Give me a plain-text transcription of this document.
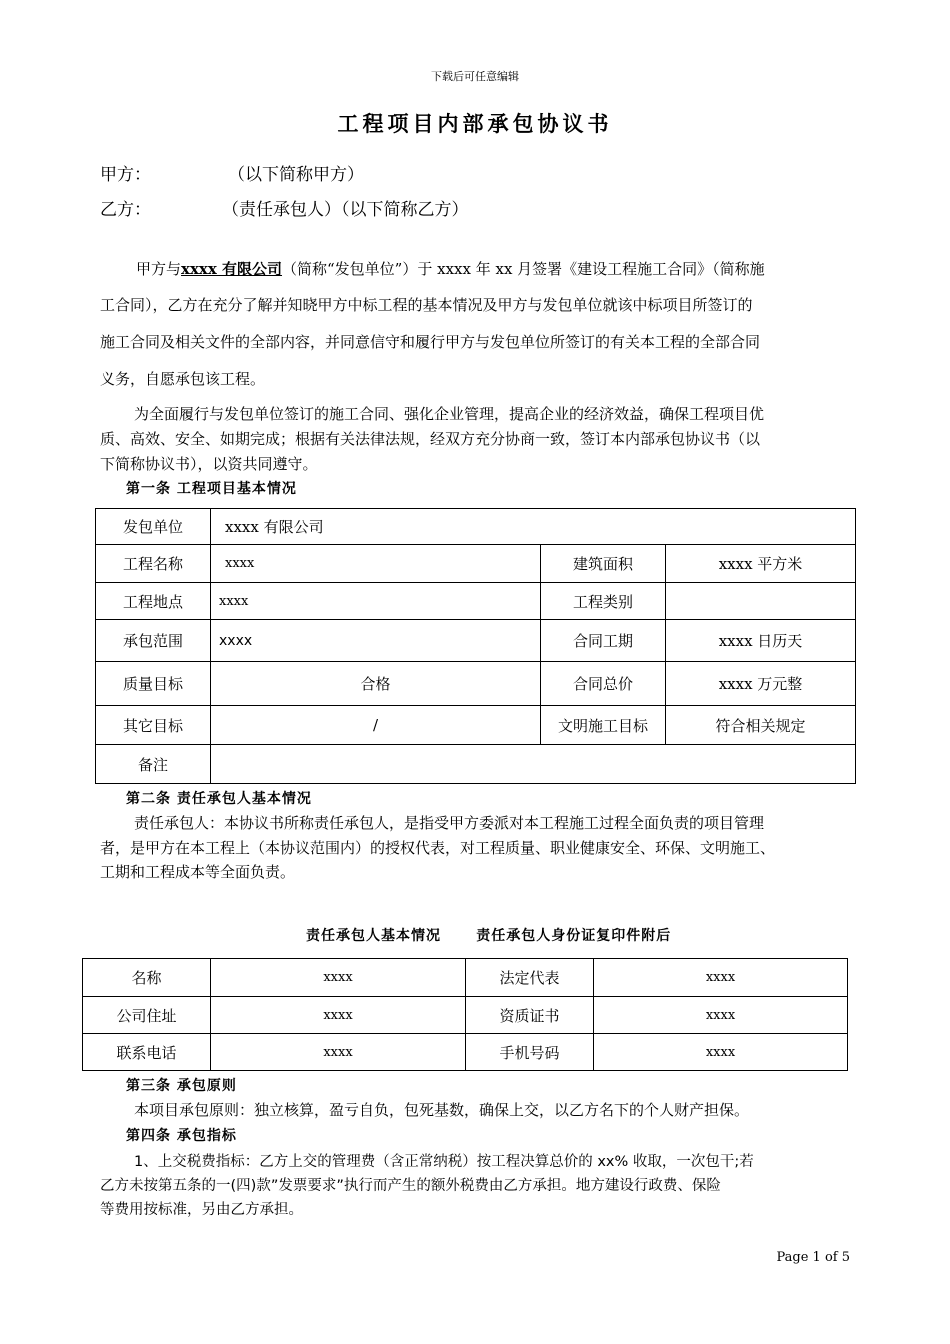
下载后可任意编辑
工程项目内部承包协议书
甲方：	（以下简称甲方）
乙方：	（责任承包人）（以下简称乙方）
甲方与xxxx 有限公司（简称“发包单位”）于 xxxx 年 xx 月签署《建设工程施工合同》（简称施
工合同），乙方在充分了解并知晓甲方中标工程的基本情况及甲方与发包单位就该中标项目所签订的
施工合同及相关文件的全部内容，并同意信守和履行甲方与发包单位所签订的有关本工程的全部合同
义务，自愿承包该工程。
为全面履行与发包单位签订的施工合同、强化企业管理，提高企业的经济效益，确保工程项目优
质、高效、安全、如期完成；根据有关法律法规，经双方充分协商一致，签订本内部承包协议书（以
下简称协议书），以资共同遵守。
第一条 工程项目基本情况
发包单位	xxxx 有限公司		
工程名称	xxxx	建筑面积	xxxx 平方米
工程地点	xxxx	工程类别	
承包范围	xxxx	合同工期	xxxx 日历天
质量目标	合格	合同总价	xxxx 万元整
其它目标	/	文明施工目标	符合相关规定
备注			
第二条 责任承包人基本情况
责任承包人：本协议书所称责任承包人，是指受甲方委派对本工程施工过程全面负责的项目管理
者，是甲方在本工程上（本协议范围内）的授权代表，对工程质量、职业健康安全、环保、文明施工、
工期和工程成本等全面负责。
责任承包人基本情况      责任承包人身份证复印件附后
名称	xxxx	法定代表	xxxx
公司住址	xxxx	资质证书	xxxx
联系电话	xxxx	手机号码	xxxx
第三条 承包原则
本项目承包原则：独立核算，盈亏自负，包死基数，确保上交，以乙方名下的个人财产担保。
第四条 承包指标
1、上交税费指标：乙方上交的管理费（含正常纳税）按工程决算总价的 xx% 收取，一次包干;若
乙方未按第五条的一(四)款”发票要求”执行而产生的额外税费由乙方承担。地方建设行政费、保险
等费用按标准，另由乙方承担。
Page 1 of 5
